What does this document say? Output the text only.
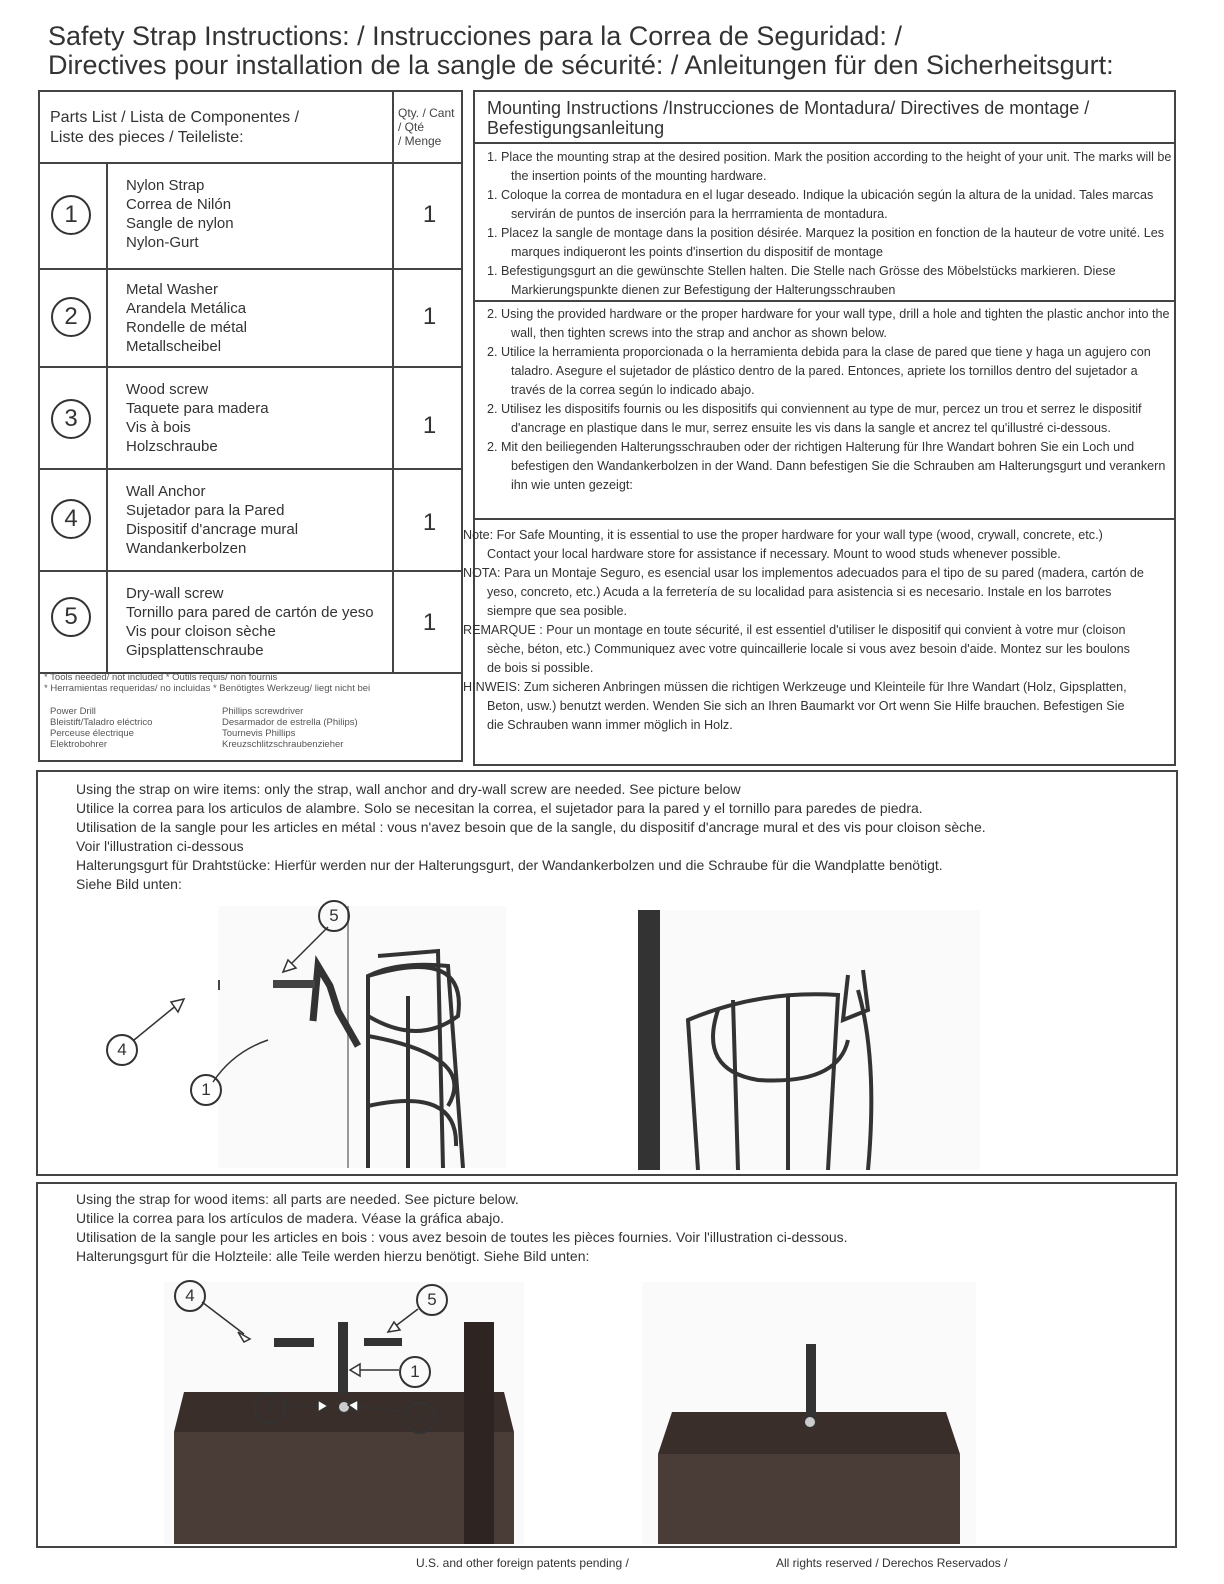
Safety Strap Instructions: / Instrucciones para la Correa de Seguridad: /
Directives pour installation de la sangle de sécurité: / Anleitungen für den Sicherheitsgurt:
Parts List / Lista de Componentes /
Liste des pieces / Teileliste:
Qty. / Cant
/ Qté
/ Menge
1
Nylon Strap
Correa de Nilón
Sangle de nylon
Nylon-Gurt
1
2
Metal Washer
Arandela Metálica
Rondelle de métal
Metallscheibel
1
3
Wood screw
Taquete para madera
Vis à bois
Holzschraube
1
4
Wall Anchor
Sujetador para la Pared
Dispositif d'ancrage mural
Wandankerbolzen
1
5
Dry-wall screw
Tornillo para pared de cartón de yeso
Vis pour cloison sèche
Gipsplattenschraube
1
* Tools needed/ not included * Outils requis/ non fournis
* Herramientas requeridas/ no incluidas * Benötigtes Werkzeug/ liegt nicht bei
Power Drill
Bleistift/Taladro eléctrico
Perceuse électrique
Elektrobohrer
Phillips screwdriver
Desarmador de estrella (Philips)
Tournevis Phillips
Kreuzschlitzschraubenzieher
Mounting Instructions /Instrucciones de Montadura/ Directives de montage /
Befestigungsanleitung

1. Place the mounting strap at the desired position. Mark the position according to the height of your unit. The marks will be the insertion points of the mounting hardware.

1. Coloque la correa de montadura en el lugar deseado. Indique la ubicación según la altura de la unidad. Tales marcas servirán de puntos de inserción para la herrramienta de montadura.

1. Placez la sangle de montage dans la position désirée. Marquez la position en fonction de la hauteur de votre unité. Les marques indiqueront les points d'insertion du dispositif de montage

1. Befestigungsgurt an die gewünschte Stellen halten. Die Stelle nach Grösse des Möbelstücks markieren. Diese Markierungspunkte dienen zur Befestigung der Halterungsschrauben

2. Using the provided hardware or the proper hardware for your wall type, drill a hole and tighten the plastic anchor into the wall, then tighten screws into the strap and anchor as shown below.

2. Utilice la herramienta proporcionada o la herramienta debida para la clase de pared que tiene y haga un agujero con taladro. Asegure el sujetador de plástico dentro de la pared. Entonces, apriete los tornillos dentro del sujetador a través de la correa según lo indicado abajo.

2. Utilisez les dispositifs fournis ou les dispositifs qui conviennent au type de mur, percez un trou et serrez le dispositif d'ancrage en plastique dans le mur, serrez ensuite les vis dans la sangle et ancrez tel qu'illustré ci-dessous.

2. Mit den beiliegenden Halterungsschrauben oder der richtigen Halterung für Ihre Wandart bohren Sie ein Loch und befestigen den Wandankerbolzen in der Wand. Dann befestigen Sie die Schrauben am Halterungsgurt und verankern ihn wie unten gezeigt:

Note: For Safe Mounting, it is essential to use the proper hardware for your wall type (wood, crywall, concrete, etc.) Contact your local hardware store for assistance if necessary. Mount to wood studs whenever possible.

NOTA: Para un Montaje Seguro, es esencial usar los implementos adecuados para el tipo de su pared (madera, cartón de yeso, concreto, etc.) Acuda a la ferretería de su localidad para asistencia si es necesario. Instale en los barrotes siempre que sea posible.

REMARQUE : Pour un montage en toute sécurité, il est essentiel d'utiliser le dispositif qui convient à votre mur (cloison sèche, béton, etc.) Communiquez avec votre quincaillerie locale si vous avez besoin d'aide. Montez sur les boulons de bois si possible.

HINWEIS: Zum sicheren Anbringen müssen die richtigen Werkzeuge und Kleinteile für Ihre Wandart (Holz, Gipsplatten, Beton, usw.) benutzt werden. Wenden Sie sich an Ihren Baumarkt vor Ort wenn Sie Hilfe brauchen. Befestigen Sie die Schrauben wann immer möglich in Holz.

Using the strap on wire items: only the strap, wall anchor and dry-wall screw are needed. See picture below
Utilice la correa para los articulos de alambre. Solo se necesitan la correa, el sujetador para la pared y el tornillo para paredes de piedra.
Utilisation de la sangle pour les articles en métal : vous n'avez besoin que de la sangle, du dispositif d'ancrage mural et des vis pour cloison sèche.
Voir l'illustration ci-dessous
Halterungsgurt für Drahtstücke: Hierfür werden nur der Halterungsgurt, der Wandankerbolzen und die Schraube für die Wandplatte benötigt.
Siehe Bild unten:
5
4
1
Using the strap for wood items: all parts are needed. See picture below.
Utilice la correa para los artículos de madera. Véase la gráfica abajo.
Utilisation de la sangle pour les articles en bois : vous avez besoin de toutes les pièces fournies. Voir l'illustration ci-dessous.
Halterungsgurt für die Holzteile: alle Teile werden hierzu benötigt. Siehe Bild unten:
4	5
1
2
3
U.S. and other foreign patents pending /	All rights reserved / Derechos Reservados /
